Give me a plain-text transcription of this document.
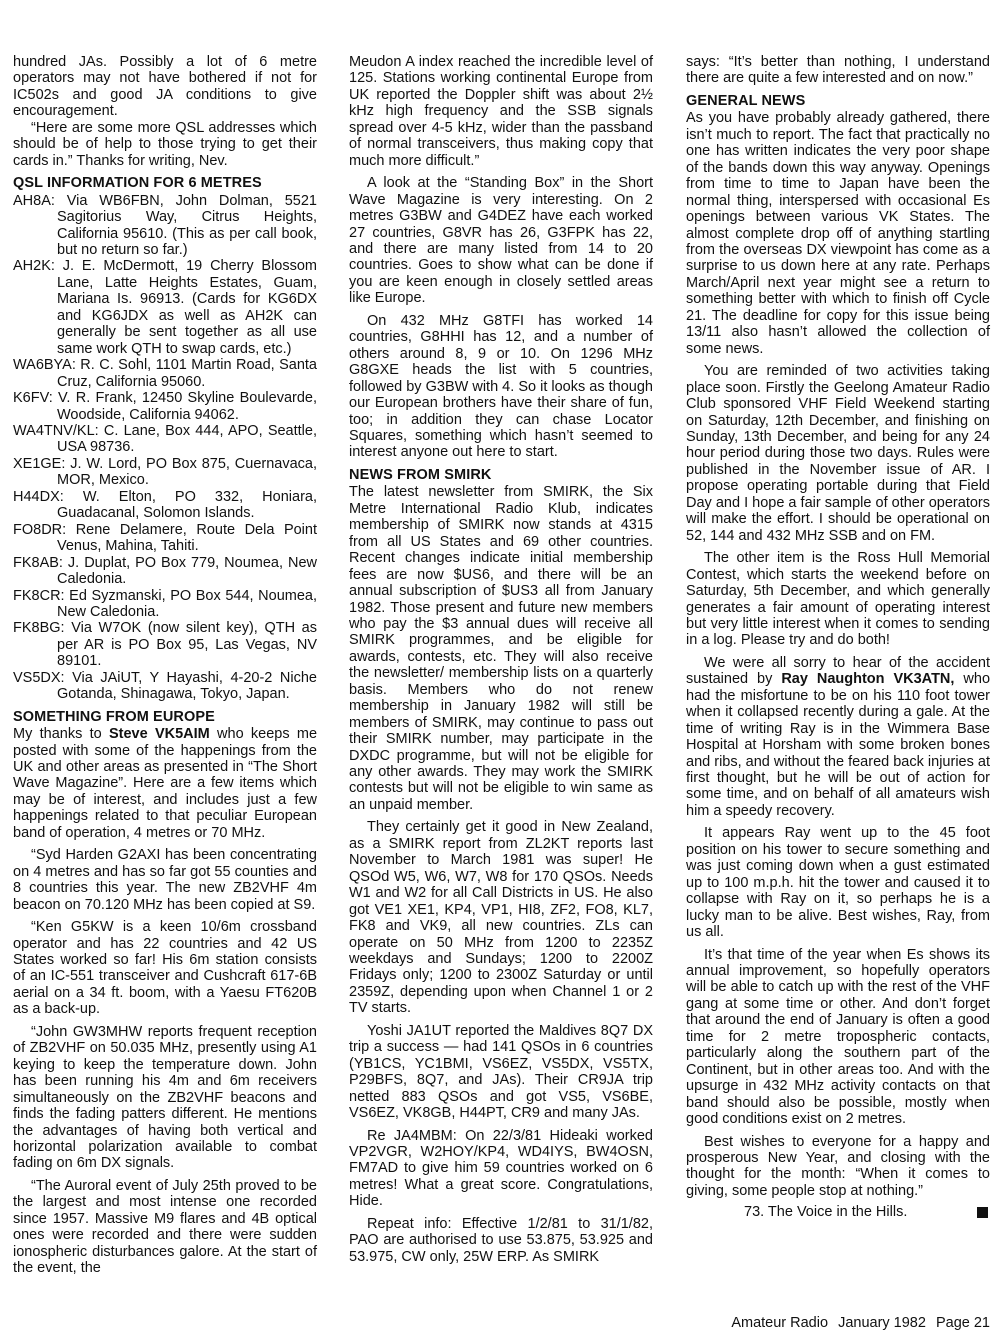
hundred JAs. Possibly a lot of 6 metre operators may not have bothered if not for IC502s and good JA conditions to give encouragement.

“Here are some more QSL addresses which should be of help to those trying to get their cards in.” Thanks for writing, Nev.

QSL INFORMATION FOR 6 METRES

AH8A: Via WB6FBN, John Dolman, 5521 Sagitorius Way, Citrus Heights, California 95610. (This as per call book, but no return so far.)

AH2K: J. E. McDermott, 19 Cherry Blossom Lane, Latte Heights Estates, Guam, Mariana Is. 96913. (Cards for KG6DX and KG6JDX as well as AH2K can generally be sent together as all use same work QTH to swap cards, etc.)

WA6BYA: R. C. Sohl, 1101 Martin Road, Santa Cruz, California 95060.

K6FV: V. R. Frank, 12450 Skyline Boulevarde, Woodside, California 94062.

WA4TNV/KL: C. Lane, Box 444, APO, Seattle, USA 98736.

XE1GE: J. W. Lord, PO Box 875, Cuernavaca, MOR, Mexico.

H44DX: W. Elton, PO 332, Honiara, Guadacanal, Solomon Islands.

FO8DR: Rene Delamere, Route Dela Point Venus, Mahina, Tahiti.

FK8AB: J. Duplat, PO Box 779, Noumea, New Caledonia.

FK8CR: Ed Syzmanski, PO Box 544, Noumea, New Caledonia.

FK8BG: Via W7OK (now silent key), QTH as per AR is PO Box 95, Las Vegas, NV 89101.

VS5DX: Via JAiUT, Y Hayashi, 4-20-2 Niche Gotanda, Shinagawa, Tokyo, Japan.

SOMETHING FROM EUROPE

My thanks to Steve VK5AIM who keeps me posted with some of the happenings from the UK and other areas as presented in “The Short Wave Magazine”. Here are a few items which may be of interest, and includes just a few happenings related to that peculiar European band of operation, 4 metres or 70 MHz.

“Syd Harden G2AXI has been concentrating on 4 metres and has so far got 55 counties and 8 countries this year. The new ZB2VHF 4m beacon on 70.120 MHz has been copied at S9.

“Ken G5KW is a keen 10/6m crossband operator and has 22 countries and 42 US States worked so far! His 6m station consists of an IC-551 transceiver and Cushcraft 617-6B aerial on a 34 ft. boom, with a Yaesu FT620B as a back-up.

“John GW3MHW reports frequent reception of ZB2VHF on 50.035 MHz, presently using A1 keying to keep the temperature down. John has been running his 4m and 6m receivers simultaneously on the ZB2VHF beacons and finds the fading patters different. He mentions the advantages of having both vertical and horizontal polarization available to combat fading on 6m DX signals.

“The Auroral event of July 25th proved to be the largest and most intense one recorded since 1957. Massive M9 flares and 4B optical ones were recorded and there were sudden ionospheric disturbances galore. At the start of the event, the

Meudon A index reached the incredible level of 125. Stations working continental Europe from UK reported the Doppler shift was about 2½ kHz high frequency and the SSB signals spread over 4-5 kHz, wider than the passband of normal transceivers, thus making copy that much more difficult.”

A look at the “Standing Box” in the Short Wave Magazine is very interesting. On 2 metres G3BW and G4DEZ have each worked 27 countries, G8VR has 26, G3FPK has 22, and there are many listed from 14 to 20 countries. Goes to show what can be done if you are keen enough in closely settled areas like Europe.

On 432 MHz G8TFI has worked 14 countries, G8HHI has 12, and a number of others around 8, 9 or 10. On 1296 MHz G8GXE heads the list with 5 countries, followed by G3BW with 4. So it looks as though our European brothers have their share of fun, too; in addition they can chase Locator Squares, something which hasn’t seemed to interest anyone out here to start.

NEWS FROM SMIRK

The latest newsletter from SMIRK, the Six Metre International Radio Klub, indicates membership of SMIRK now stands at 4315 from all US States and 69 other countries. Recent changes indicate initial membership fees are now $US6, and there will be an annual subscription of $US3 all from January 1982. Those present and future new members who pay the $3 annual dues will receive all SMIRK programmes, and be eligible for awards, contests, etc. They will also receive the newsletter/ membership lists on a quarterly basis. Members who do not renew membership in January 1982 will still be members of SMIRK, may continue to pass out their SMIRK number, may participate in the DXDC programme, but will not be eligible for any other awards. They may work the SMIRK contests but will not be eligible to win same as an unpaid member.

They certainly get it good in New Zealand, as a SMIRK report from ZL2KT reports last November to March 1981 was super! He QSOd W5, W6, W7, W8 for 170 QSOs. Needs W1 and W2 for all Call Districts in US. He also got VE1 XE1, KP4, VP1, HI8, ZF2, FO8, KL7, FK8 and VK9, all new countries. ZLs can operate on 50 MHz from 1200 to 2235Z weekdays and Sundays; 1200 to 2200Z Fridays only; 1200 to 2300Z Saturday or until 2359Z, depending upon when Channel 1 or 2 TV starts.

Yoshi JA1UT reported the Maldives 8Q7 DX trip a success — had 141 QSOs in 6 countries (YB1CS, YC1BMI, VS6EZ, VS5DX, VS5TX, P29BFS, 8Q7, and JAs). Their CR9JA trip netted 883 QSOs and got VS5, VS6BE, VS6EZ, VK8GB, H44PT, CR9 and many JAs.

Re JA4MBM: On 22/3/81 Hideaki worked VP2VGR, W2HOY/KP4, WD4IYS, BW4OSN, FM7AD to give him 59 countries worked on 6 metres! What a great score. Congratulations, Hide.

Repeat info: Effective 1/2/81 to 31/1/82, PAO are authorised to use 53.875, 53.925 and 53.975, CW only, 25W ERP. As SMIRK

says: “It’s better than nothing, I understand there are quite a few interested and on now.”

GENERAL NEWS

As you have probably already gathered, there isn’t much to report. The fact that practically no one has written indicates the very poor shape of the bands down this way anyway. Openings from time to time to Japan have been the normal thing, interspersed with occasional Es openings between various VK States. The almost complete drop off of anything startling from the overseas DX viewpoint has come as a surprise to us down here at any rate. Perhaps March/April next year might see a return to something better with which to finish off Cycle 21. The deadline for copy for this issue being 13/11 also hasn’t allowed the collection of some news.

You are reminded of two activities taking place soon. Firstly the Geelong Amateur Radio Club sponsored VHF Field Weekend starting on Saturday, 12th December, and finishing on Sunday, 13th December, and being for any 24 hour period during those two days. Rules were published in the November issue of AR. I propose operating portable during that Field Day and I hope a fair sample of other operators will make the effort. I should be operational on 52, 144 and 432 MHz SSB and on FM.

The other item is the Ross Hull Memorial Contest, which starts the weekend before on Saturday, 5th December, and which generally generates a fair amount of operating interest but very little interest when it comes to sending in a log. Please try and do both!

We were all sorry to hear of the accident sustained by Ray Naughton VK3ATN, who had the misfortune to be on his 110 foot tower when it collapsed recently during a gale. At the time of writing Ray is in the Wimmera Base Hospital at Horsham with some broken bones and ribs, and without the feared back injuries at first thought, but he will be out of action for some time, and on behalf of all amateurs wish him a speedy recovery.

It appears Ray went up to the 45 foot position on his tower to secure something and was just coming down when a gust estimated up to 100 m.p.h. hit the tower and caused it to collapse with Ray on it, so perhaps he is a lucky man to be alive. Best wishes, Ray, from us all.

It’s that time of the year when Es shows its annual improvement, so hopefully operators will be able to catch up with the rest of the VHF gang at some time or other. And don’t forget that around the end of January is often a good time for 2 metre tropospheric contacts, particularly along the southern part of the Continent, but in other areas too. And with the upsurge in 432 MHz activity contacts on that band should also be possible, mostly when good conditions exist on 2 metres.

Best wishes to everyone for a happy and prosperous New Year, and closing with the thought for the month: “When it comes to giving, some people stop at nothing.”

73. The Voice in the Hills.

Amateur Radio January 1982 Page 21
